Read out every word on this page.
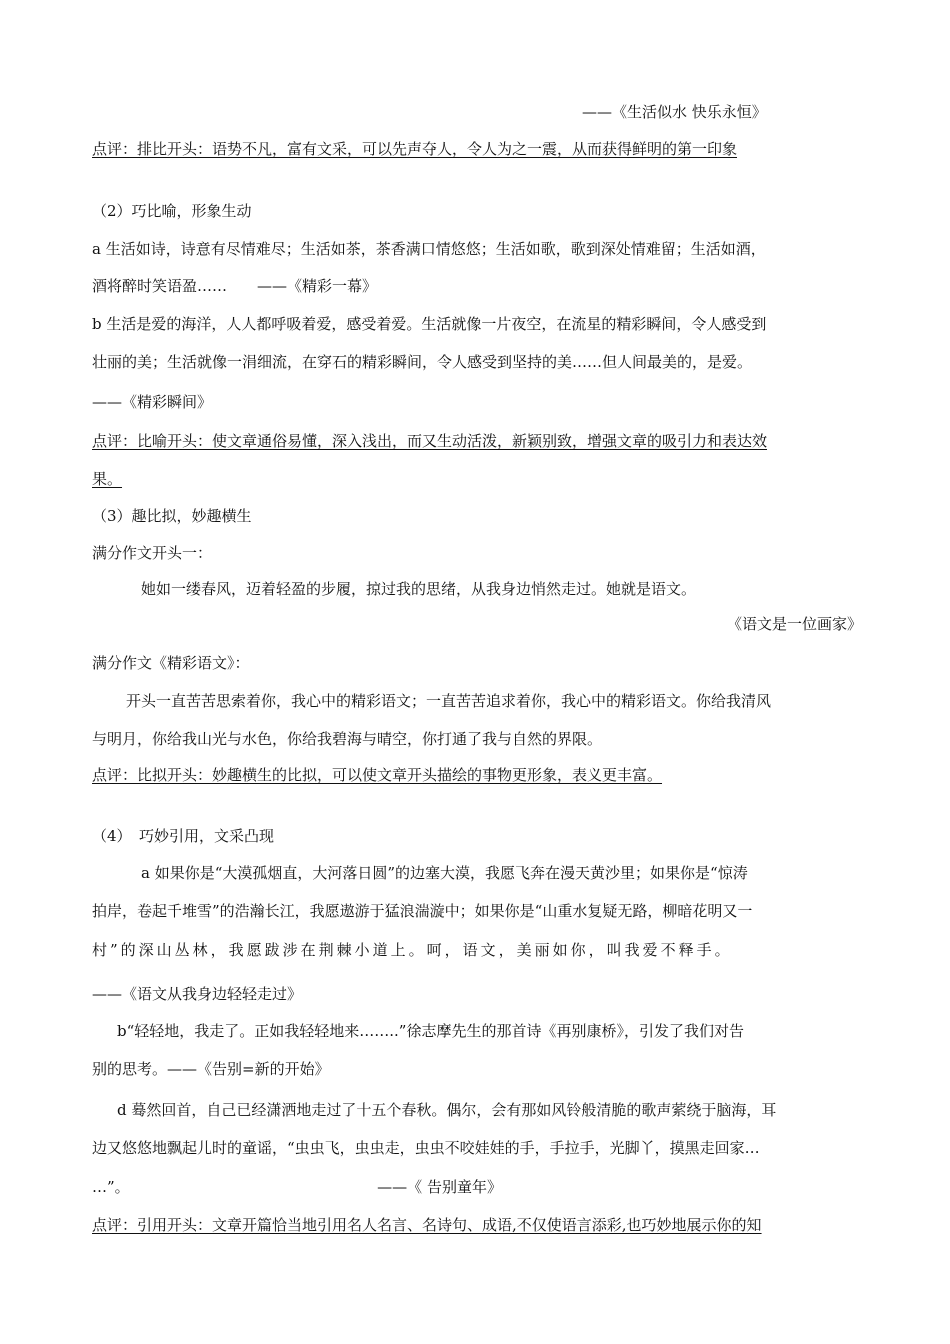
——《生活似水 快乐永恒》
点评：排比开头：语势不凡，富有文采，可以先声夺人，令人为之一震，从而获得鲜明的第一印象
（2）巧比喻，形象生动
a 生活如诗，诗意有尽情难尽；生活如茶，茶香满口情悠悠；生活如歌，歌到深处情难留；生活如酒，
酒将醉时笑语盈……　　——《精彩一幕》
b 生活是爱的海洋，人人都呼吸着爱，感受着爱。生活就像一片夜空，在流星的精彩瞬间，令人感受到
壮丽的美；生活就像一涓细流，在穿石的精彩瞬间，令人感受到坚持的美……但人间最美的，是爱。
——《精彩瞬间》
点评：比喻开头：使文章通俗易懂，深入浅出，而又生动活泼，新颖别致，增强文章的吸引力和表达效
果。
（3）趣比拟，妙趣横生
满分作文开头一：
她如一缕春风，迈着轻盈的步履，掠过我的思绪，从我身边悄然走过。她就是语文。
《语文是一位画家》
满分作文《精彩语文》：
开头一直苦苦思索着你，我心中的精彩语文；一直苦苦追求着你，我心中的精彩语文。你给我清风
与明月，你给我山光与水色，你给我碧海与晴空，你打通了我与自然的界限。
点评：比拟开头：妙趣横生的比拟，可以使文章开头描绘的事物更形象，表义更丰富。
（4）　巧妙引用，文采凸现
a 如果你是“大漠孤烟直，大河落日圆”的边塞大漠，我愿飞奔在漫天黄沙里；如果你是“惊涛
拍岸，卷起千堆雪”的浩瀚长江，我愿遨游于猛浪湍漩中；如果你是“山重水复疑无路，柳暗花明又一
村”的深山丛林，我愿跋涉在荆棘小道上。呵，语文，美丽如你，叫我爱不释手。
——《语文从我身边轻轻走过》
b“轻轻地，我走了。正如我轻轻地来……..”徐志摩先生的那首诗《再别康桥》，引发了我们对告
别的思考。——《告别=新的开始》
d 蓦然回首，自己已经潇洒地走过了十五个春秋。偶尔，会有那如风铃般清脆的歌声萦绕于脑海，耳
边又悠悠地飘起儿时的童谣，“虫虫飞，虫虫走，虫虫不咬娃娃的手，手拉手，光脚丫，摸黑走回家…
…”。　　　　　　　　　　　　　　　　　——《 告别童年》
点评：引用开头：文章开篇恰当地引用名人名言、名诗句、成语,不仅使语言添彩,也巧妙地展示你的知
